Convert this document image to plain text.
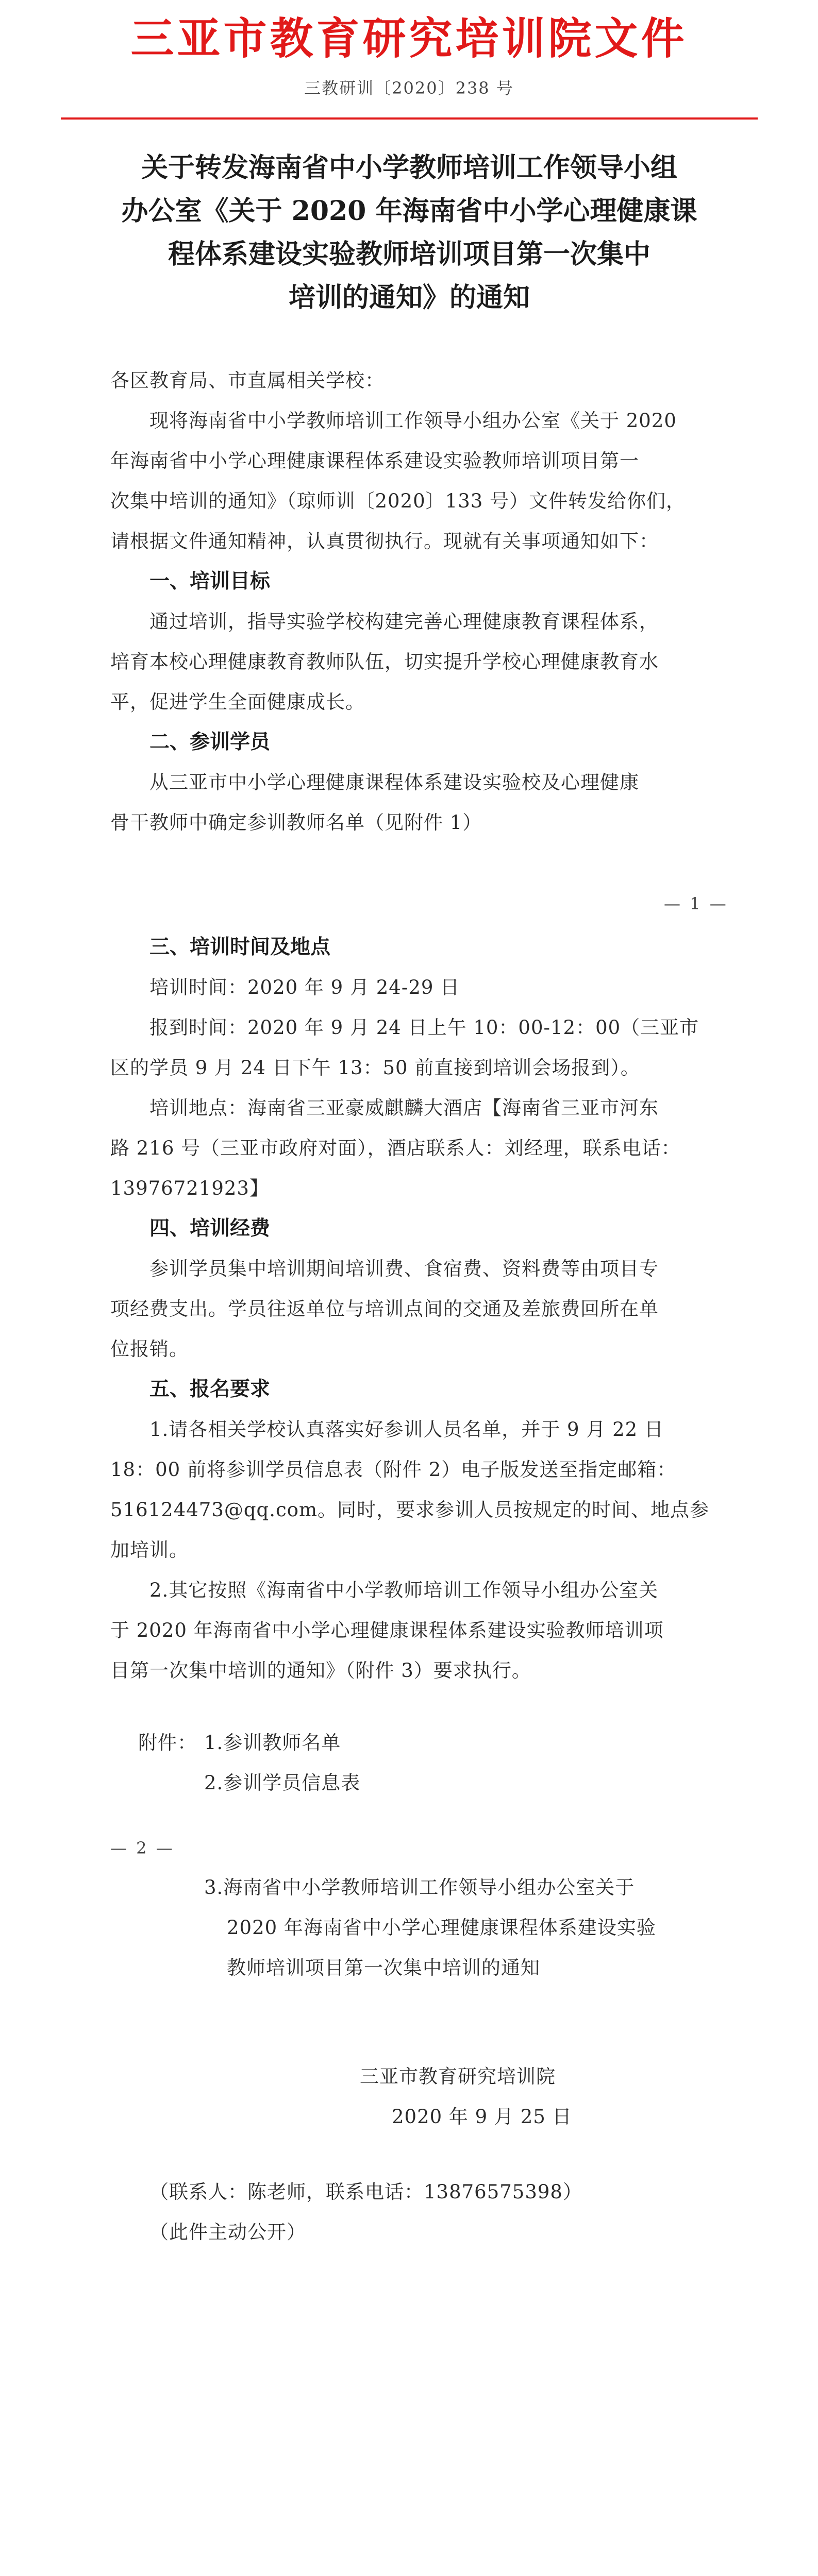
三亚市教育研究培训院文件
三教研训〔2020〕238 号
关于转发海南省中小学教师培训工作领导小组
办公室《关于 2020 年海南省中小学心理健康课
程体系建设实验教师培训项目第一次集中
培训的通知》的通知
各区教育局、市直属相关学校：
现将海南省中小学教师培训工作领导小组办公室《关于 2020
年海南省中小学心理健康课程体系建设实验教师培训项目第一
次集中培训的通知》（琼师训〔2020〕133 号）文件转发给你们，
请根据文件通知精神，认真贯彻执行。现就有关事项通知如下：
一、培训目标
通过培训，指导实验学校构建完善心理健康教育课程体系，
培育本校心理健康教育教师队伍，切实提升学校心理健康教育水
平，促进学生全面健康成长。
二、参训学员
从三亚市中小学心理健康课程体系建设实验校及心理健康
骨干教师中确定参训教师名单（见附件 1）
— 1 —
三、培训时间及地点
培训时间：2020 年 9 月 24-29 日
报到时间：2020 年 9 月 24 日上午 10：00-12：00（三亚市
区的学员 9 月 24 日下午 13：50 前直接到培训会场报到）。
培训地点：海南省三亚豪威麒麟大酒店【海南省三亚市河东
路 216 号（三亚市政府对面），酒店联系人：刘经理，联系电话：
13976721923】
四、培训经费
参训学员集中培训期间培训费、食宿费、资料费等由项目专
项经费支出。学员往返单位与培训点间的交通及差旅费回所在单
位报销。
五、报名要求
1.请各相关学校认真落实好参训人员名单，并于 9 月 22 日
18：00 前将参训学员信息表（附件 2）电子版发送至指定邮箱：
516124473@qq.com。同时，要求参训人员按规定的时间、地点参
加培训。
2.其它按照《海南省中小学教师培训工作领导小组办公室关
于 2020 年海南省中小学心理健康课程体系建设实验教师培训项
目第一次集中培训的通知》（附件 3）要求执行。
附件： 1.参训教师名单
2.参训学员信息表
— 2 —
3.海南省中小学教师培训工作领导小组办公室关于
2020 年海南省中小学心理健康课程体系建设实验
教师培训项目第一次集中培训的通知
三亚市教育研究培训院
2020 年 9 月 25 日
（联系人：陈老师，联系电话：13876575398）
（此件主动公开）
